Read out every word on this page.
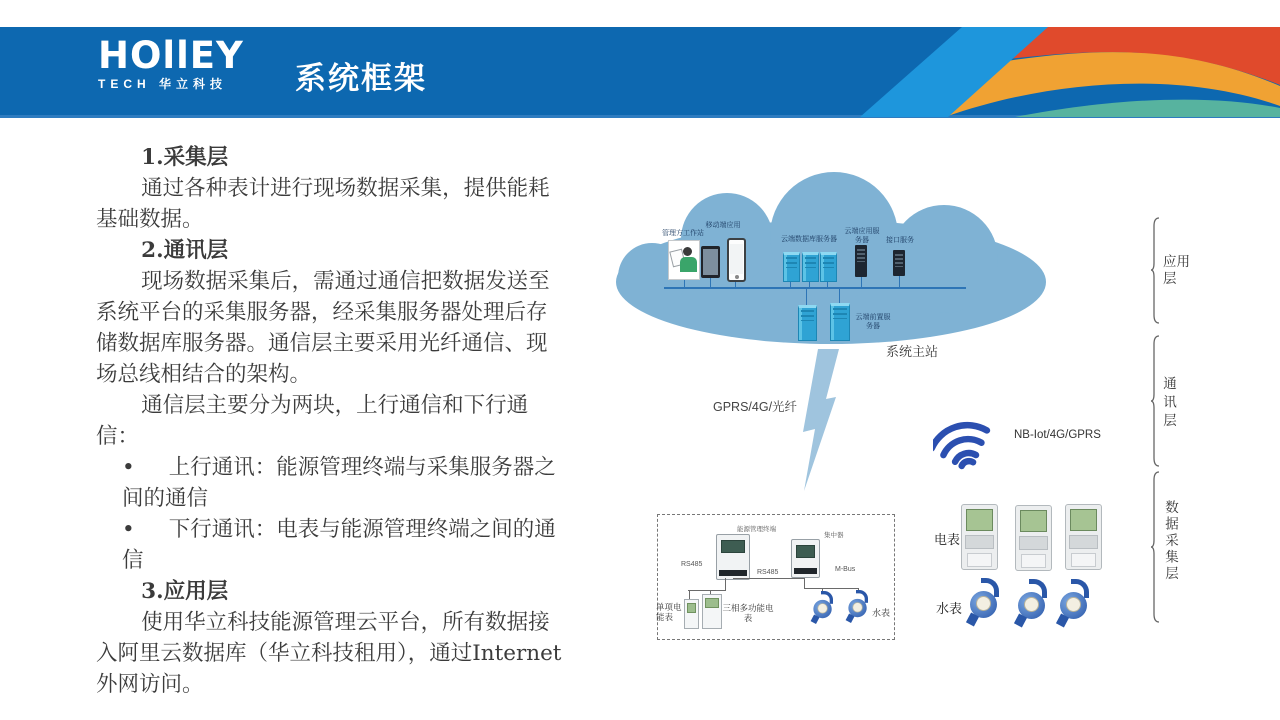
HOllEY
TECH 华立科技	系统框架

1.采集层

通过各种表计进行现场数据采集，提供能耗基础数据。

2.通讯层

现场数据采集后，需通过通信把数据发送至系统平台的采集服务器，经采集服务器处理后存储数据库服务器。通信层主要采用光纤通信、现场总线相结合的架构。

通信层主要分为两块，上行通信和下行通信：

• 上行通讯：能源管理终端与采集服务器之间的通信
• 下行通讯：电表与能源管理终端之间的通信

3.应用层

使用华立科技能源管理云平台，所有数据接入阿里云数据库（华立科技租用），通过Internet外网访问。

管理方工作站
移动端应用
云端数据库服务器
云端应用服务器	接口服务
云端前置服务器
系统主站
GPRS/4G/光纤
NB-Iot/4G/GPRS
能源管理终端
集中器
RS485
RS485	M-Bus
单项电能表
三相多功能电表	水表
电表
水表
应用层
通讯层
数据采集层
